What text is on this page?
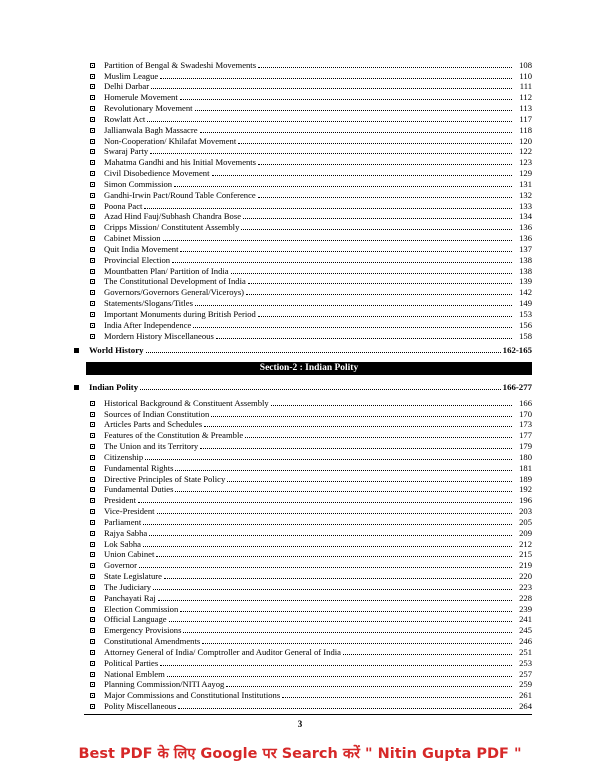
Partition of Bengal & Swadeshi Movements	108
Muslim League	110
Delhi Darbar	111
Homerule Movement	112
Revolutionary Movement	113
Rowlatt Act	117
Jallianwala Bagh Massacre	118
Non-Cooperation/ Khilafat Movement	120
Swaraj Party	122
Mahatma Gandhi and his Initial Movements	123
Civil Disobedience Movement	129
Simon Commission	131
Gandhi-Irwin Pact/Round Table Conference	132
Poona Pact	133
Azad Hind Fauj/Subhash Chandra Bose	134
Cripps Mission/ Constitutent Assembly	136
Cabinet Mission	136
Quit India Movement	137
Provincial Election	138
Mountbatten Plan/ Partition of India	138
The Constitutional Development of India	139
Governors/Governors General/Viceroys)	142
Statements/Slogans/Titles	149
Important Monuments during British Period	153
India After Independence	156
Mordern History Miscellaneous	158
World History	162-165
Section-2 : Indian Polity
Indian Polity	166-277
Historical Background & Constituent Assembly	166
Sources of Indian Constitution	170
Articles Parts and Schedules	173
Features of the Constitution & Preamble	177
The Union and its Territory	179
Citizenship	180
Fundamental Rights	181
Directive Principles of State Policy	189
Fundamental Duties	192
President	196
Vice-President	203
Parliament	205
Rajya Sabha	209
Lok Sabha	212
Union Cabinet	215
Governor	219
State Legislature	220
The Judiciary	223
Panchayati Raj	228
Election Commission	239
Official Language	241
Emergency Provisions	245
Constitutional Amendments	246
Attorney General of India/ Comptroller and Auditor General of India	251
Political Parties	253
National Emblem	257
Planning Commission/NITI Aayog	259
Major Commissions and Constitutional Institutions	261
Polity Miscellaneous	264
3
Best PDF के लिए Google पर Search करें " Nitin Gupta PDF "
